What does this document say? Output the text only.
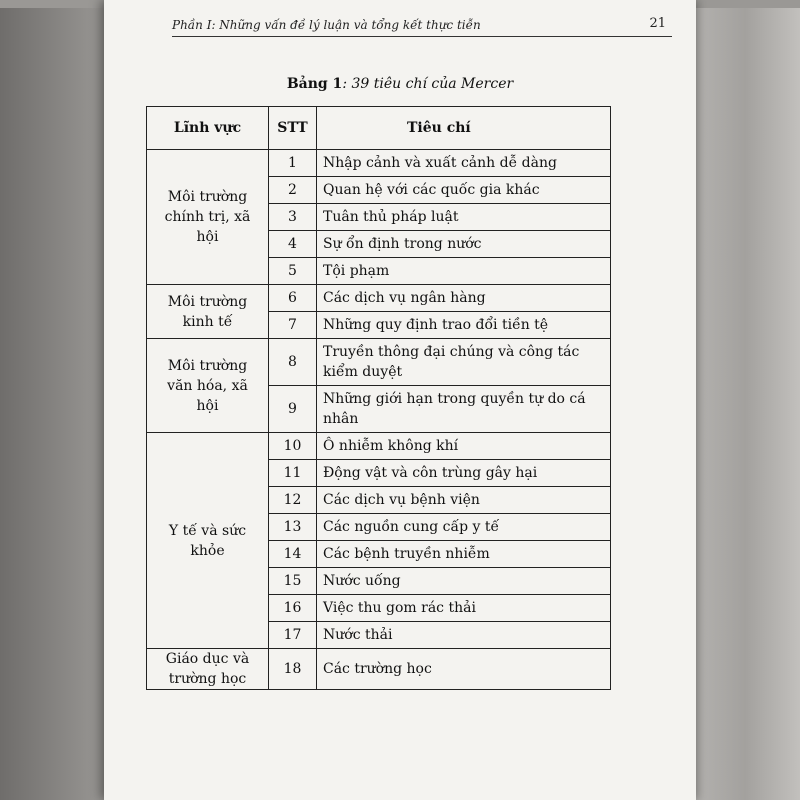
Phần I: Những vấn đề lý luận và tổng kết thực tiễn	21
Bảng 1: 39 tiêu chí của Mercer
Lĩnh vực	STT	Tiêu chí

Môi trường
chính trị, xã
hội	1	Nhập cảnh và xuất cảnh dễ dàng
	2	Quan hệ với các quốc gia khác
	3	Tuân thủ pháp luật
	4	Sự ổn định trong nước
	5	Tội phạm

Môi trường
kinh tế	6	Các dịch vụ ngân hàng
	7	Những quy định trao đổi tiền tệ

Môi trường
văn hóa, xã
hội	8	Truyền thông đại chúng và công tác kiểm duyệt
	9	Những giới hạn trong quyền tự do cá nhân

Y tế và sức
khỏe	10	Ô nhiễm không khí
	11	Động vật và côn trùng gây hại
	12	Các dịch vụ bệnh viện
	13	Các nguồn cung cấp y tế
	14	Các bệnh truyền nhiễm
	15	Nước uống
	16	Việc thu gom rác thải
	17	Nước thải

Giáo dục và
trường học	18	Các trường học
